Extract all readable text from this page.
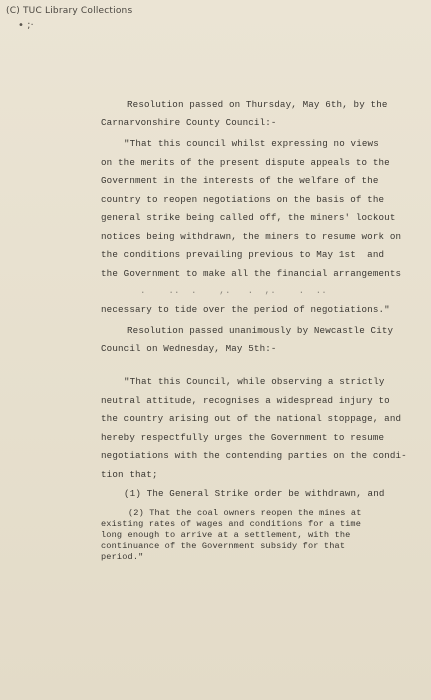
(C) TUC Library Collections
• ;·
Resolution passed on Thursday, May 6th, by the
Carnarvonshire County Council:-
"That this council whilst expressing no views
on the merits of the present dispute appeals to the
Government in the interests of the welfare of the
country to reopen negotiations on the basis of the
general strike being called off, the miners' lockout
notices being withdrawn, the miners to resume work on
the conditions prevailing previous to May 1st  and
the Government to make all the financial arrangements
.    ..  .    ,.   .  ,.    .  ..
necessary to tide over the period of negotiations."
Resolution passed unanimously by Newcastle City
Council on Wednesday, May 5th:-
"That this Council, while observing a strictly
neutral attitude, recognises a widespread injury to
the country arising out of the national stoppage, and
hereby respectfully urges the Government to resume
negotiations with the contending parties on the condi-
tion that;
(1) The General Strike order be withdrawn, and
(2) That the coal owners reopen the mines at
existing rates of wages and conditions for a time
long enough to arrive at a settlement, with the
continuance of the Government subsidy for that
period."
